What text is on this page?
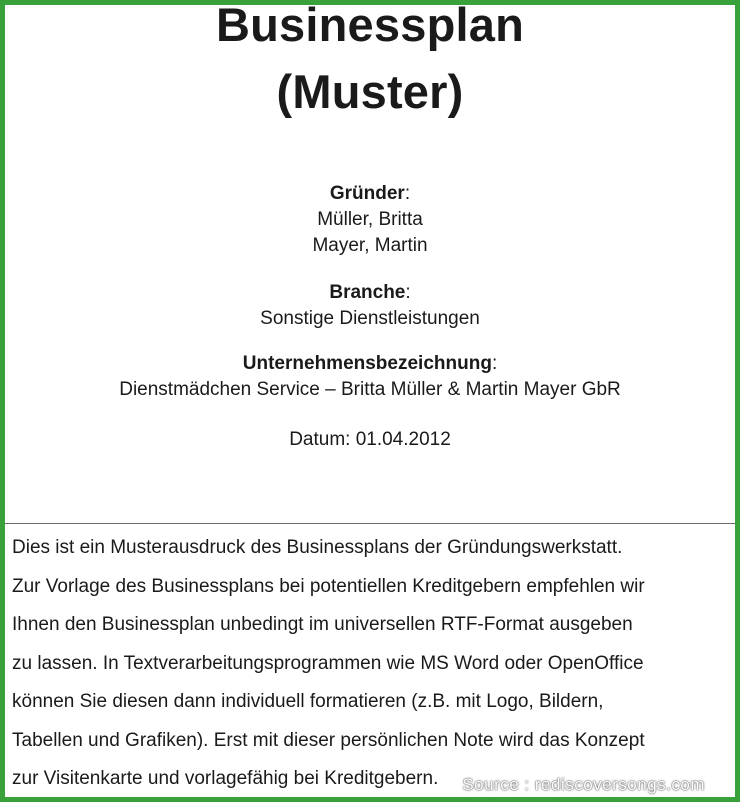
Businessplan
(Muster)
Gründer:
Müller, Britta
Mayer, Martin
Branche:
Sonstige Dienstleistungen
Unternehmensbezeichnung:
Dienstmädchen Service – Britta Müller & Martin Mayer GbR
Datum: 01.04.2012
Dies ist ein Musterausdruck des Businessplans der Gründungswerkstatt.
Zur Vorlage des Businessplans bei potentiellen Kreditgebern empfehlen wir
Ihnen den Businessplan unbedingt im universellen RTF-Format ausgeben
zu lassen. In Textverarbeitungsprogrammen wie MS Word oder OpenOffice
können Sie diesen dann individuell formatieren (z.B. mit Logo, Bildern,
Tabellen und Grafiken). Erst mit dieser persönlichen Note wird das Konzept
zur Visitenkarte und vorlagefähig bei Kreditgebern.	Source : rediscoversongs.com
